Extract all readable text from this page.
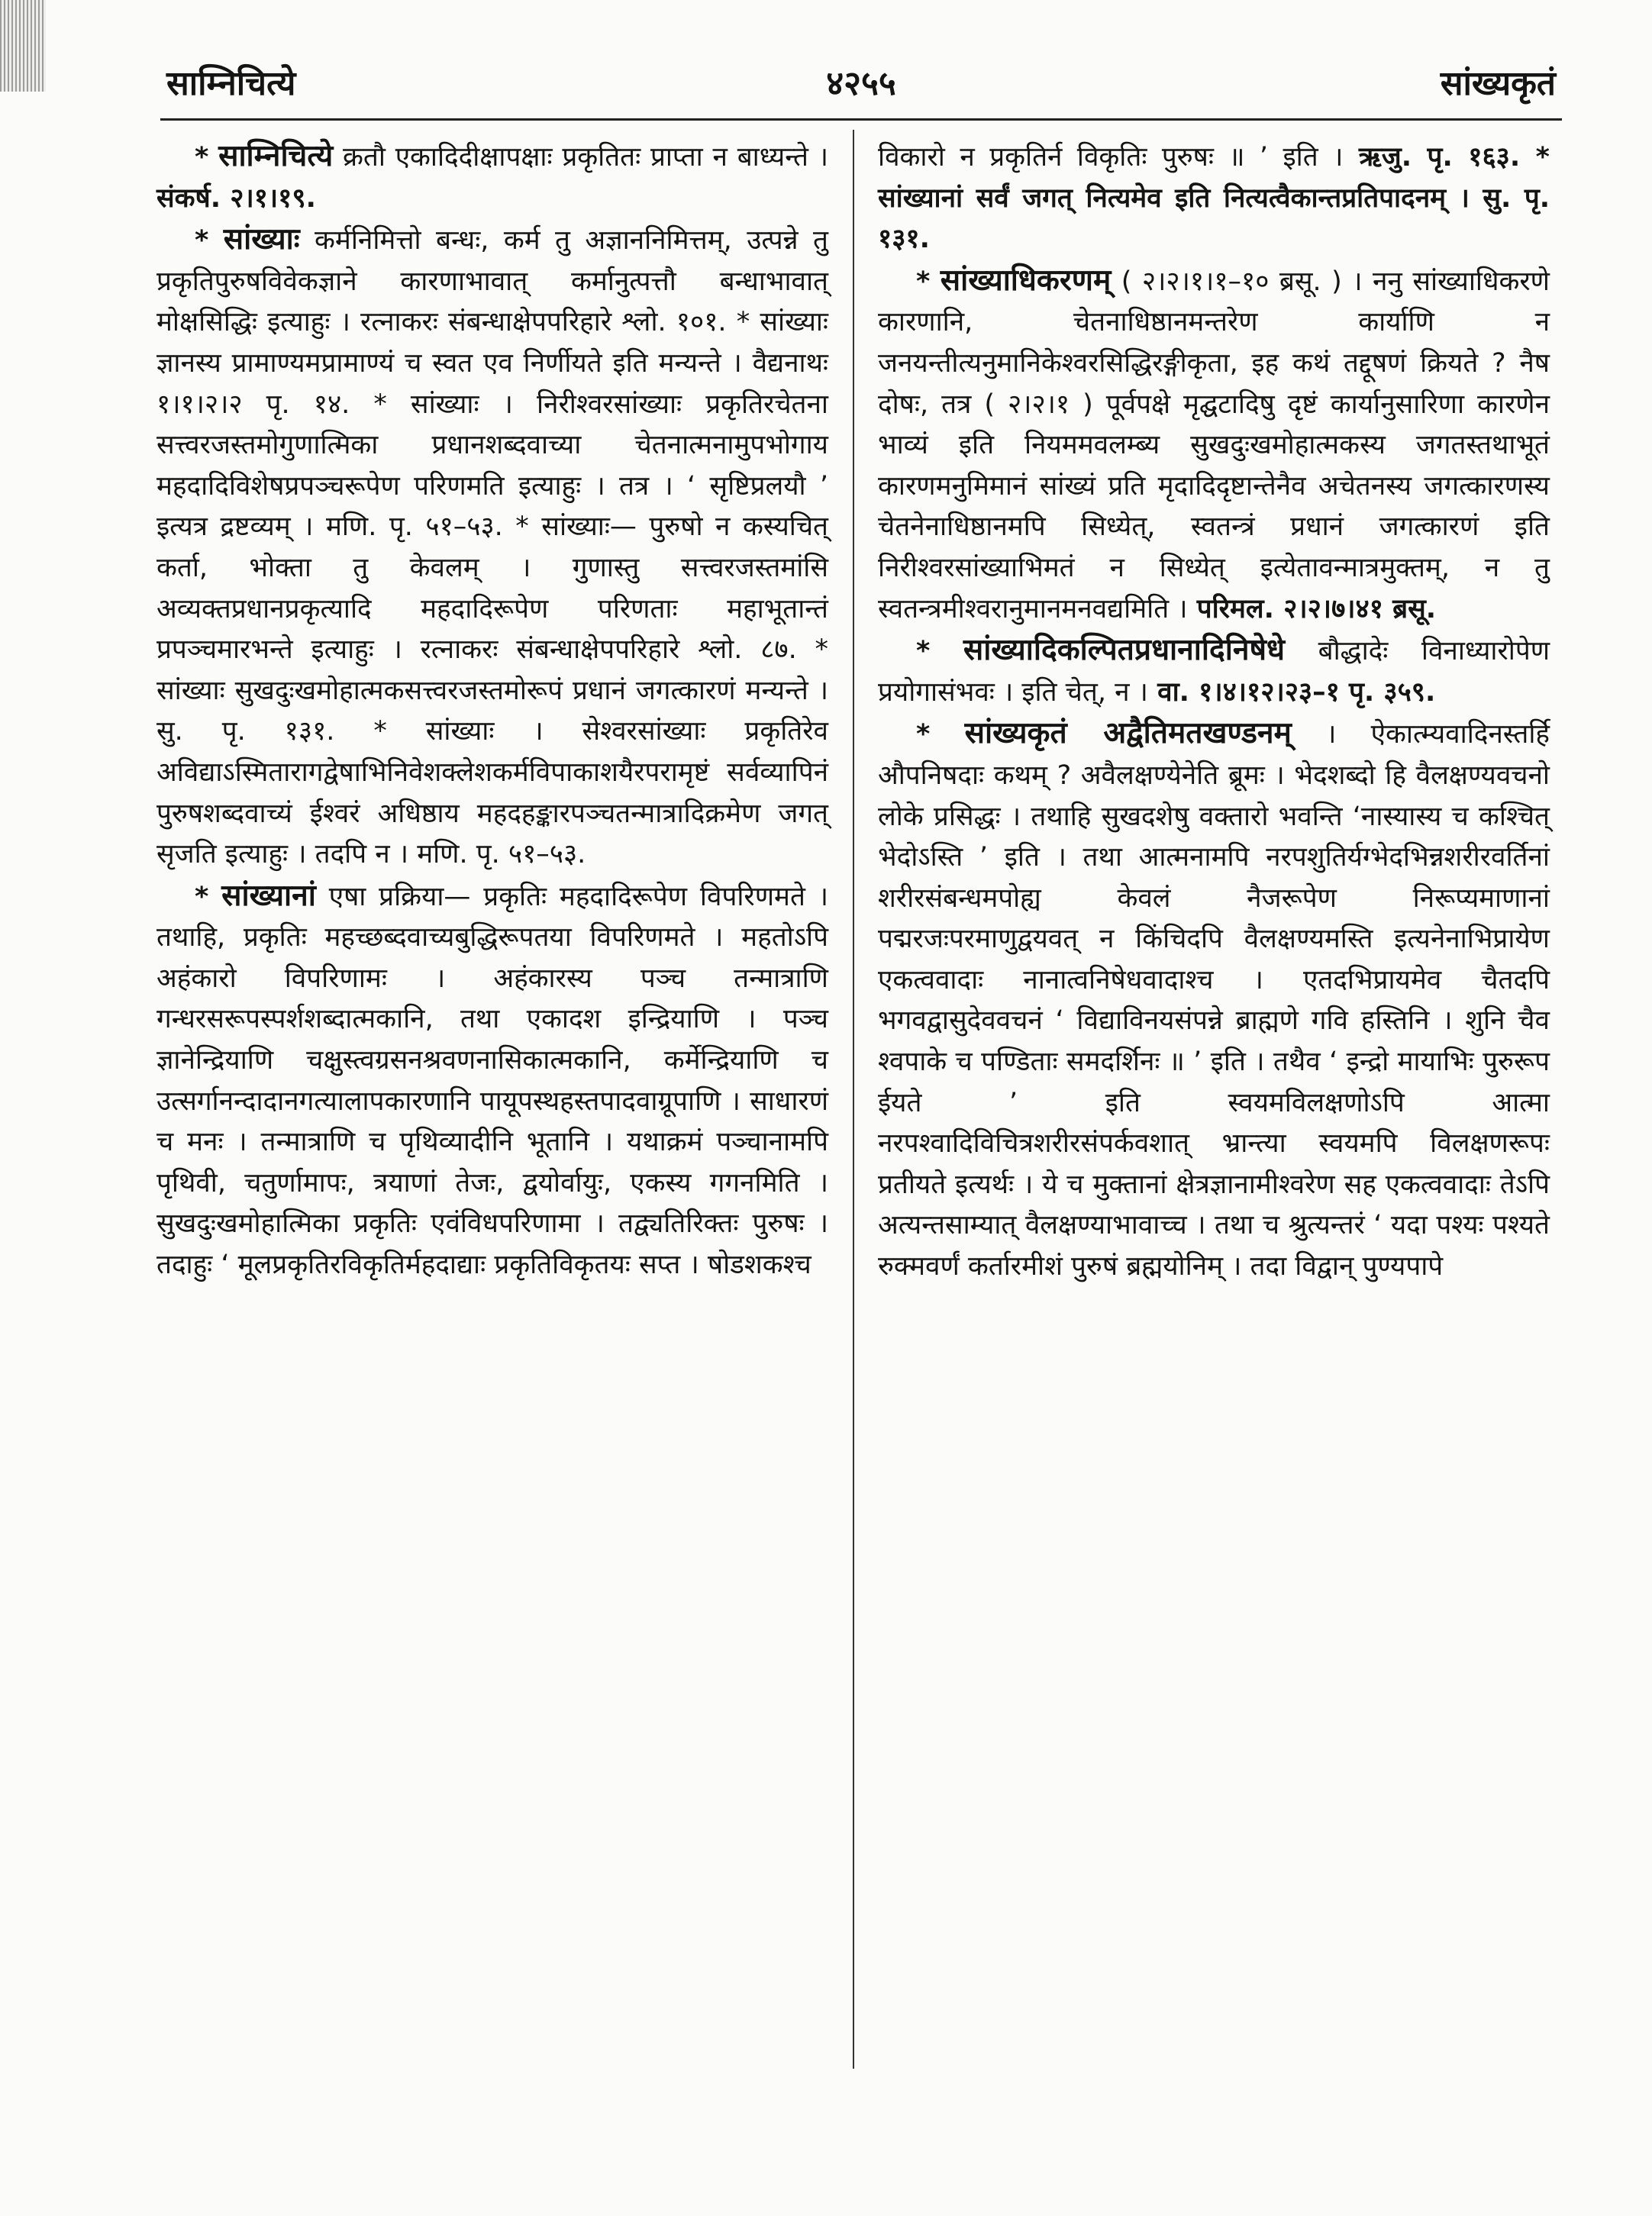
साम्निचित्ये	४२५५	सांख्यकृतं

* साम्निचित्ये क्रतौ एकादिदीक्षापक्षाः प्रकृतितः प्राप्ता न बाध्यन्ते । संकर्ष. २।१।१९.

* सांख्याः कर्मनिमित्तो बन्धः, कर्म तु अज्ञाननिमित्तम्, उत्पन्ने तु प्रकृतिपुरुषविवेकज्ञाने कारणाभावात् कर्मानुत्पत्तौ बन्धाभावात् मोक्षसिद्धिः इत्याहुः । रत्नाकरः संबन्धाक्षेपपरिहारे श्लो. १०१. * सांख्याः ज्ञानस्य प्रामाण्यमप्रामाण्यं च स्वत एव निर्णीयते इति मन्यन्ते । वैद्यनाथः १।१।२।२ पृ. १४. * सांख्याः । निरीश्वरसांख्याः प्रकृतिरचेतना सत्त्वरजस्तमोगुणात्मिका प्रधानशब्दवाच्या चेतनात्मनामुपभोगाय महदादिविशेषप्रपञ्चरूपेण परिणमति इत्याहुः । तत्र । ‘ सृष्टिप्रलयौ ’ इत्यत्र द्रष्टव्यम् । मणि. पृ. ५१–५३. * सांख्याः— पुरुषो न कस्यचित् कर्ता, भोक्ता तु केवलम् । गुणास्तु सत्त्वरजस्तमांसि अव्यक्तप्रधानप्रकृत्यादि महदादिरूपेण परिणताः महाभूतान्तं प्रपञ्चमारभन्ते इत्याहुः । रत्नाकरः संबन्धाक्षेपपरिहारे श्लो. ८७. * सांख्याः सुखदुःखमोहात्मकसत्त्वरजस्तमोरूपं प्रधानं जगत्कारणं मन्यन्ते । सु. पृ. १३१. * सांख्याः । सेश्वरसांख्याः प्रकृतिरेव अविद्याऽस्मितारागद्वेषाभिनिवेशक्लेशकर्मविपाकाशयैरपरामृष्टं सर्वव्यापिनं पुरुषशब्दवाच्यं ईश्वरं अधिष्ठाय महदहङ्कारपञ्चतन्मात्रादिक्रमेण जगत् सृजति इत्याहुः । तदपि न । मणि. पृ. ५१–५३.

* सांख्यानां एषा प्रक्रिया— प्रकृतिः महदादिरूपेण विपरिणमते । तथाहि, प्रकृतिः महच्छब्दवाच्यबुद्धिरूपतया विपरिणमते । महतोऽपि अहंकारो विपरिणामः । अहंकारस्य पञ्च तन्मात्राणि गन्धरसरूपस्पर्शशब्दात्मकानि, तथा एकादश इन्द्रियाणि । पञ्च ज्ञानेन्द्रियाणि चक्षुस्त्वग्रसनश्रवणनासिकात्मकानि, कर्मेन्द्रियाणि च उत्सर्गानन्दादानगत्यालापकारणानि पायूपस्थहस्तपादवाग्रूपाणि । साधारणं च मनः । तन्मात्राणि च पृथिव्यादीनि भूतानि । यथाक्रमं पञ्चानामपि पृथिवी, चतुर्णामापः, त्रयाणां तेजः, द्वयोर्वायुः, एकस्य गगनमिति । सुखदुःखमोहात्मिका प्रकृतिः एवंविधपरिणामा । तद्व्यतिरिक्तः पुरुषः । तदाहुः ‘ मूलप्रकृतिरविकृतिर्महदाद्याः प्रकृतिविकृतयः सप्त । षोडशकश्च

विकारो न प्रकृतिर्न विकृतिः पुरुषः ॥ ’ इति । ऋजु. पृ. १६३. * सांख्यानां सर्वं जगत् नित्यमेव इति नित्यत्वैकान्तप्रतिपादनम् । सु. पृ. १३१.

* सांख्याधिकरणम् ( २।२।१।१–१० ब्रसू. ) । ननु सांख्याधिकरणे कारणानि, चेतनाधिष्ठानमन्तरेण कार्याणि न जनयन्तीत्यनुमानिकेश्वरसिद्धिरङ्गीकृता, इह कथं तद्दूषणं क्रियते ? नैष दोषः, तत्र ( २।२।१ ) पूर्वपक्षे मृद्घटादिषु दृष्टं कार्यानुसारिणा कारणेन भाव्यं इति नियममवलम्ब्य सुखदुःखमोहात्मकस्य जगतस्तथाभूतं कारणमनुमिमानं सांख्यं प्रति मृदादिदृष्टान्तेनैव अचेतनस्य जगत्कारणस्य चेतनेनाधिष्ठानमपि सिध्येत्, स्वतन्त्रं प्रधानं जगत्कारणं इति निरीश्वरसांख्याभिमतं न सिध्येत् इत्येतावन्मात्रमुक्तम्, न तु स्वतन्त्रमीश्वरानुमानमनवद्यमिति । परिमल. २।२।७।४१ ब्रसू.

* सांख्यादिकल्पितप्रधानादिनिषेधे बौद्धादेः विनाध्यारोपेण प्रयोगासंभवः । इति चेत्, न । वा. १।४।१२।२३–१ पृ. ३५९.

* सांख्यकृतं अद्वैतिमतखण्डनम् । ऐकात्म्यवादिनस्तर्हि औपनिषदाः कथम् ? अवैलक्षण्येनेति ब्रूमः । भेदशब्दो हि वैलक्षण्यवचनो लोके प्रसिद्धः । तथाहि सुखदशेषु वक्तारो भवन्ति ‘नास्यास्य च कश्चित् भेदोऽस्ति ’ इति । तथा आत्मनामपि नरपशुतिर्यग्भेदभिन्नशरीरवर्तिनां शरीरसंबन्धमपोह्य केवलं नैजरूपेण निरूप्यमाणानां पद्मरजःपरमाणुद्वयवत् न किंचिदपि वैलक्षण्यमस्ति इत्यनेनाभिप्रायेण एकत्ववादाः नानात्वनिषेधवादाश्च । एतदभिप्रायमेव चैतदपि भगवद्वासुदेववचनं ‘ विद्याविनयसंपन्ने ब्राह्मणे गवि हस्तिनि । शुनि चैव श्वपाके च पण्डिताः समदर्शिनः ॥ ’ इति । तथैव ‘ इन्द्रो मायाभिः पुरुरूप ईयते ’ इति स्वयमविलक्षणोऽपि आत्मा नरपश्वादिविचित्रशरीरसंपर्कवशात् भ्रान्त्या स्वयमपि विलक्षणरूपः प्रतीयते इत्यर्थः । ये च मुक्तानां क्षेत्रज्ञानामीश्वरेण सह एकत्ववादाः तेऽपि अत्यन्तसाम्यात् वैलक्षण्याभावाच्च । तथा च श्रुत्यन्तरं ‘ यदा पश्यः पश्यते रुक्मवर्णं कर्तारमीशं पुरुषं ब्रह्मयोनिम् । तदा विद्वान् पुण्यपापे
